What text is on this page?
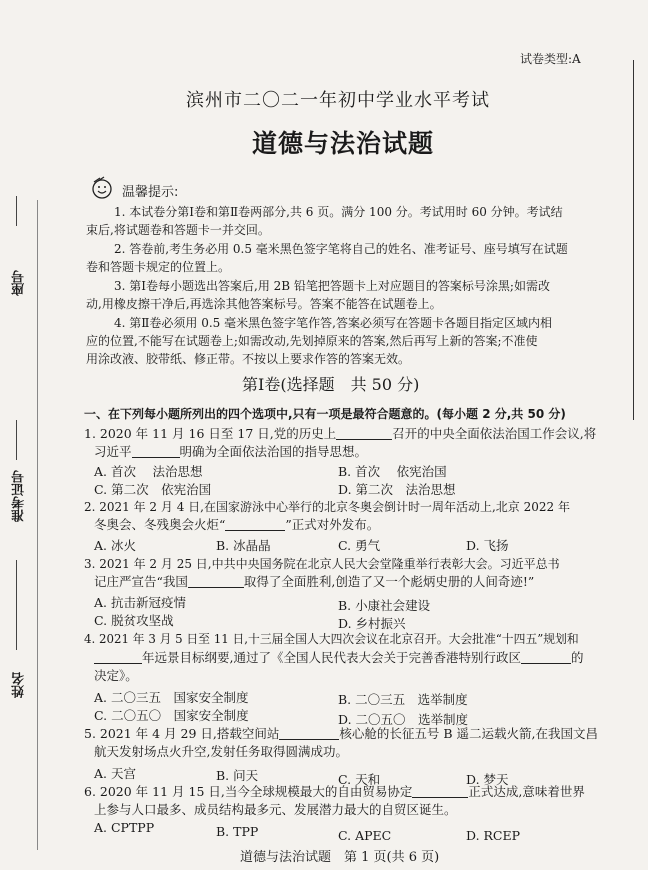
试卷类型:A
座号
准考证号
姓名
滨州市二〇二一年初中学业水平考试
道德与法治试题
温馨提示:
1. 本试卷分第Ⅰ卷和第Ⅱ卷两部分,共 6 页。满分 100 分。考试用时 60 分钟。考试结
束后,将试题卷和答题卡一并交回。
2. 答卷前,考生务必用 0.5 毫米黑色签字笔将自己的姓名、准考证号、座号填写在试题
卷和答题卡规定的位置上。
3. 第Ⅰ卷每小题选出答案后,用 2B 铅笔把答题卡上对应题目的答案标号涂黑;如需改
动,用橡皮擦干净后,再选涂其他答案标号。答案不能答在试题卷上。
4. 第Ⅱ卷必须用 0.5 毫米黑色签字笔作答,答案必须写在答题卡各题目指定区域内相
应的位置,不能写在试题卷上;如需改动,先划掉原来的答案,然后再写上新的答案;不准使
用涂改液、胶带纸、修正带。不按以上要求作答的答案无效。
第Ⅰ卷(选择题　共 50 分)
一、在下列每小题所列出的四个选项中,只有一项是最符合题意的。(每小题 2 分,共 50 分)
1. 2020 年 11 月 16 日至 17 日,党的历史上	召开的中央全面依法治国工作会议,将
习近平	明确为全面依法治国的指导思想。
A. 首次　 法治思想	B. 首次　 依宪治国
C. 第二次　依宪治国	D. 第二次　法治思想
2. 2021 年 2 月 4 日,在国家游泳中心举行的北京冬奥会倒计时一周年活动上,北京 2022 年
冬奥会、冬残奥会火炬“	”正式对外发布。
A. 冰火	B. 冰晶晶	C. 勇气	D. 飞扬
3. 2021 年 2 月 25 日,中共中央国务院在北京人民大会堂隆重举行表彰大会。习近平总书
记庄严宣告“我国	取得了全面胜利,创造了又一个彪炳史册的人间奇迹!”
A. 抗击新冠疫情	B. 小康社会建设
C. 脱贫攻坚战	D. 乡村振兴
4. 2021 年 3 月 5 日至 11 日,十三届全国人大四次会议在北京召开。大会批准“十四五”规划和
年远景目标纲要,通过了《全国人民代表大会关于完善香港特别行政区	的
决定》。
A. 二〇三五　国家安全制度	B. 二〇三五　选举制度
C. 二〇五〇　国家安全制度	D. 二〇五〇　选举制度
5. 2021 年 4 月 29 日,搭载空间站	核心舱的长征五号 B 遥二运载火箭,在我国文昌
航天发射场点火升空,发射任务取得圆满成功。
A. 天宫	B. 问天	C. 天和	D. 梦天
6. 2020 年 11 月 15 日,当今全球规模最大的自由贸易协定	正式达成,意味着世界
上参与人口最多、成员结构最多元、发展潜力最大的自贸区诞生。
A. CPTPP	B. TPP	C. APEC	D. RCEP
道德与法治试题　第 1 页(共 6 页)
